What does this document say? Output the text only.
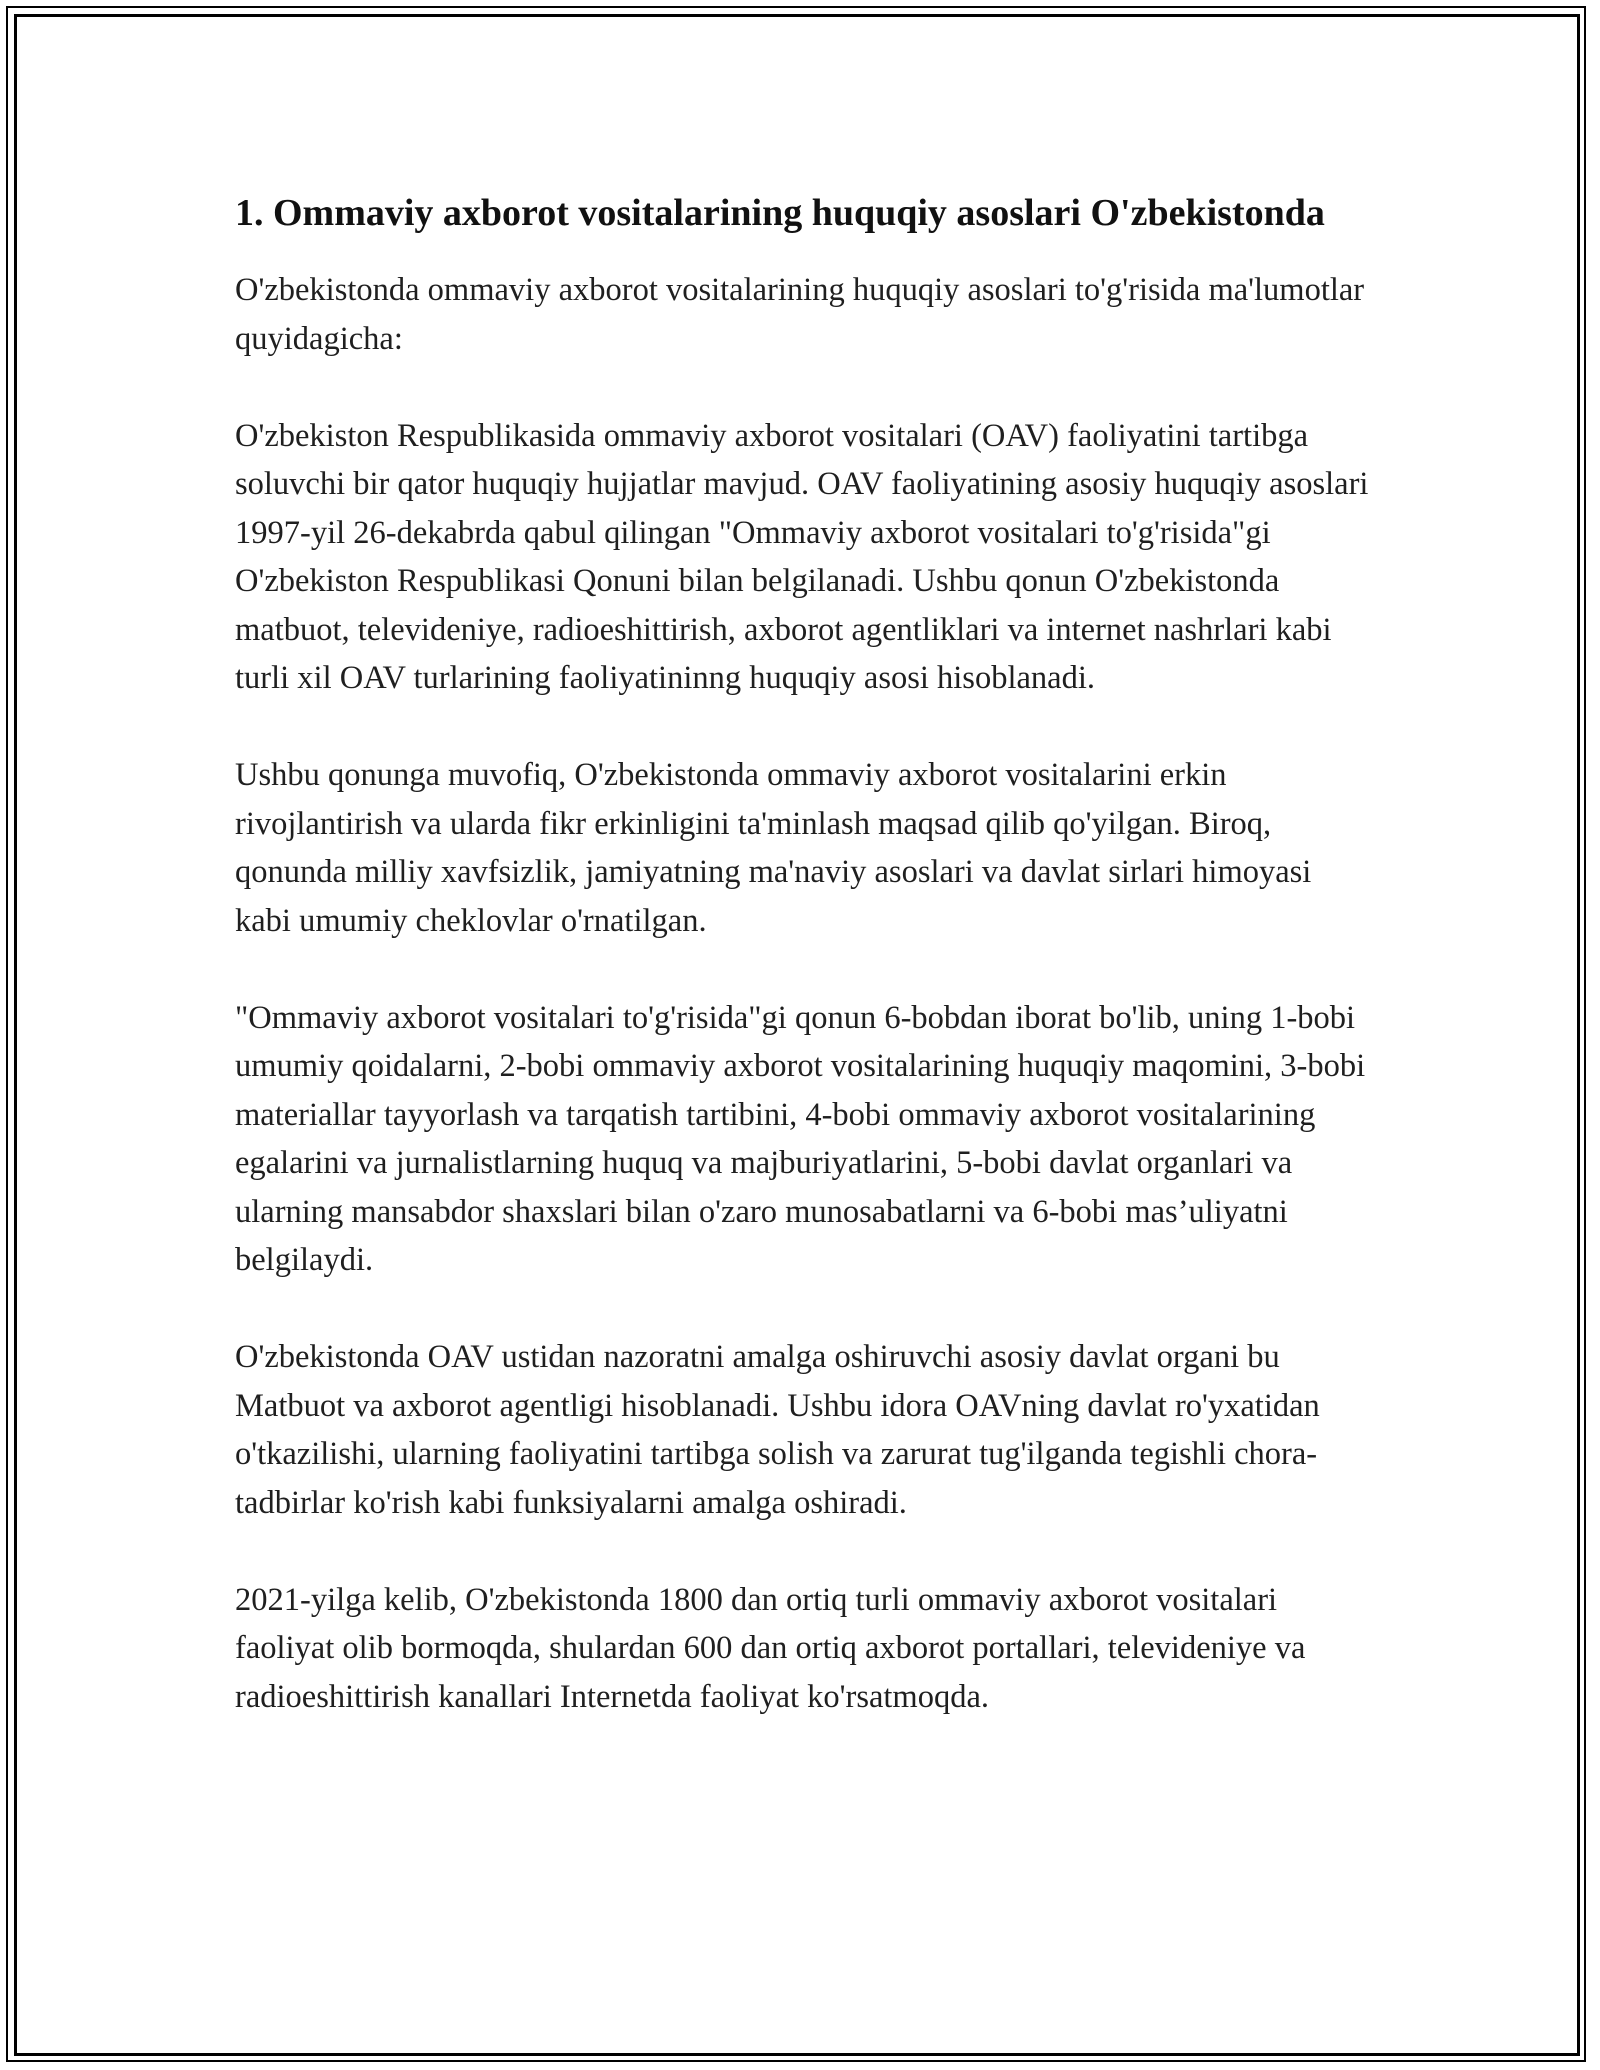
1. Ommaviy axborot vositalarining huquqiy asoslari O'zbekistonda

O'zbekistonda ommaviy axborot vositalarining huquqiy asoslari to'g'risida ma'lumotlar quyidagicha:

O'zbekiston Respublikasida ommaviy axborot vositalari (OAV) faoliyatini tartibga soluvchi bir qator huquqiy hujjatlar mavjud. OAV faoliyatining asosiy huquqiy asoslari 1997-yil 26-dekabrda qabul qilingan "Ommaviy axborot vositalari to'g'risida"gi O'zbekiston Respublikasi Qonuni bilan belgilanadi. Ushbu qonun O'zbekistonda matbuot, televideniye, radioeshittirish, axborot agentliklari va internet nashrlari kabi turli xil OAV turlarining faoliyatininng huquqiy asosi hisoblanadi.

Ushbu qonunga muvofiq, O'zbekistonda ommaviy axborot vositalarini erkin rivojlantirish va ularda fikr erkinligini ta'minlash maqsad qilib qo'yilgan. Biroq, qonunda milliy xavfsizlik, jamiyatning ma'naviy asoslari va davlat sirlari himoyasi kabi umumiy cheklovlar o'rnatilgan.

"Ommaviy axborot vositalari to'g'risida"gi qonun 6-bobdan iborat bo'lib, uning 1-bobi umumiy qoidalarni, 2-bobi ommaviy axborot vositalarining huquqiy maqomini, 3-bobi materiallar tayyorlash va tarqatish tartibini, 4-bobi ommaviy axborot vositalarining egalarini va jurnalistlarning huquq va majburiyatlarini, 5-bobi davlat organlari va ularning mansabdor shaxslari bilan o'zaro munosabatlarni va 6-bobi mas’uliyatni belgilaydi.

O'zbekistonda OAV ustidan nazoratni amalga oshiruvchi asosiy davlat organi bu Matbuot va axborot agentligi hisoblanadi. Ushbu idora OAVning davlat ro'yxatidan o'tkazilishi, ularning faoliyatini tartibga solish va zarurat tug'ilganda tegishli chora-tadbirlar ko'rish kabi funksiyalarni amalga oshiradi.

2021-yilga kelib, O'zbekistonda 1800 dan ortiq turli ommaviy axborot vositalari faoliyat olib bormoqda, shulardan 600 dan ortiq axborot portallari, televideniye va radioeshittirish kanallari Internetda faoliyat ko'rsatmoqda.
